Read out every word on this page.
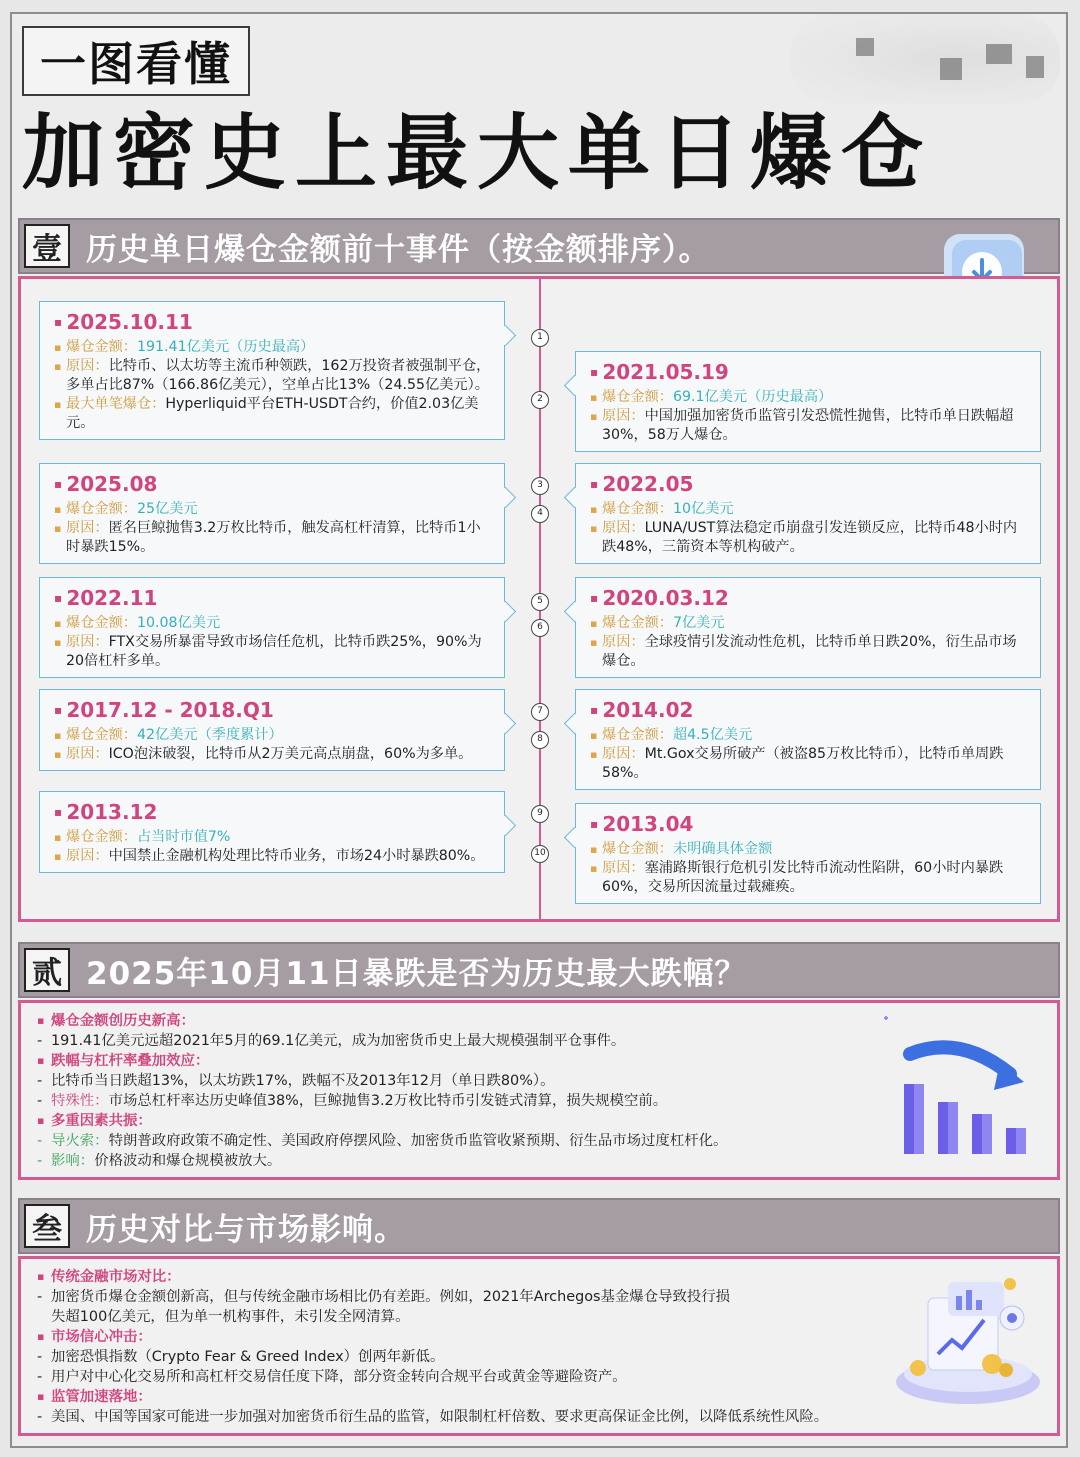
一图看懂
加密史上最大单日爆仓
壹 历史单日爆仓金额前十事件（按金额排序）。
▪ 2025.10.11
▪ 爆仓金额：191.41亿美元（历史最高）
▪ 原因：比特币、以太坊等主流币种领跌，162万投资者被强制平仓，多单占比87%（166.86亿美元），空单占比13%（24.55亿美元）。
▪ 最大单笔爆仓：Hyperliquid平台ETH-USDT合约，价值2.03亿美元。
1
▪ 2021.05.19
▪ 爆仓金额：69.1亿美元（历史最高）
▪ 原因：中国加强加密货币监管引发恐慌性抛售，比特币单日跌幅超30%，58万人爆仓。
2
▪ 2025.08
▪ 爆仓金额：25亿美元
▪ 原因：匿名巨鲸抛售3.2万枚比特币，触发高杠杆清算，比特币1小时暴跌15%。
3	▪ 2022.05
▪ 爆仓金额：10亿美元
▪ 原因：LUNA/UST算法稳定币崩盘引发连锁反应，比特币48小时内跌48%，三箭资本等机构破产。
4
▪ 2022.11
▪ 爆仓金额：10.08亿美元
▪ 原因：FTX交易所暴雷导致市场信任危机，比特币跌25%，90%为20倍杠杆多单。
5	▪ 2020.03.12
▪ 爆仓金额：7亿美元
▪ 原因：全球疫情引发流动性危机，比特币单日跌20%，衍生品市场爆仓。
6
▪ 2017.12 - 2018.Q1
▪ 爆仓金额：42亿美元（季度累计）
▪ 原因：ICO泡沫破裂，比特币从2万美元高点崩盘，60%为多单。
7	▪ 2014.02
▪ 爆仓金额：超4.5亿美元
▪ 原因：Mt.Gox交易所破产（被盗85万枚比特币），比特币单周跌58%。
8
▪ 2013.12
▪ 爆仓金额：占当时市值7%
▪ 原因：中国禁止金融机构处理比特币业务，市场24小时暴跌80%。
9	▪ 2013.04
▪ 爆仓金额：未明确具体金额
▪ 原因：塞浦路斯银行危机引发比特币流动性陷阱，60小时内暴跌60%，交易所因流量过载瘫痪。
10
贰 2025年10月11日暴跌是否为历史最大跌幅？
▪ 爆仓金额创历史新高：
- 191.41亿美元远超2021年5月的69.1亿美元，成为加密货币史上最大规模强制平仓事件。
▪ 跌幅与杠杆率叠加效应：
- 比特币当日跌超13%，以太坊跌17%，跌幅不及2013年12月（单日跌80%）。
- 特殊性：市场总杠杆率达历史峰值38%，巨鲸抛售3.2万枚比特币引发链式清算，损失规模空前。
▪ 多重因素共振：
- 导火索：特朗普政府政策不确定性、美国政府停摆风险、加密货币监管收紧预期、衍生品市场过度杠杆化。
- 影响：价格波动和爆仓规模被放大。
叁 历史对比与市场影响。
▪ 传统金融市场对比：
- 加密货币爆仓金额创新高，但与传统金融市场相比仍有差距。例如，2021年Archegos基金爆仓导致投行损
失超100亿美元，但为单一机构事件，未引发全网清算。
▪ 市场信心冲击：
- 加密恐惧指数（Crypto Fear & Greed Index）创两年新低。
- 用户对中心化交易所和高杠杆交易信任度下降，部分资金转向合规平台或黄金等避险资产。
▪ 监管加速落地：
- 美国、中国等国家可能进一步加强对加密货币衍生品的监管，如限制杠杆倍数、要求更高保证金比例，以降低系统性风险。
